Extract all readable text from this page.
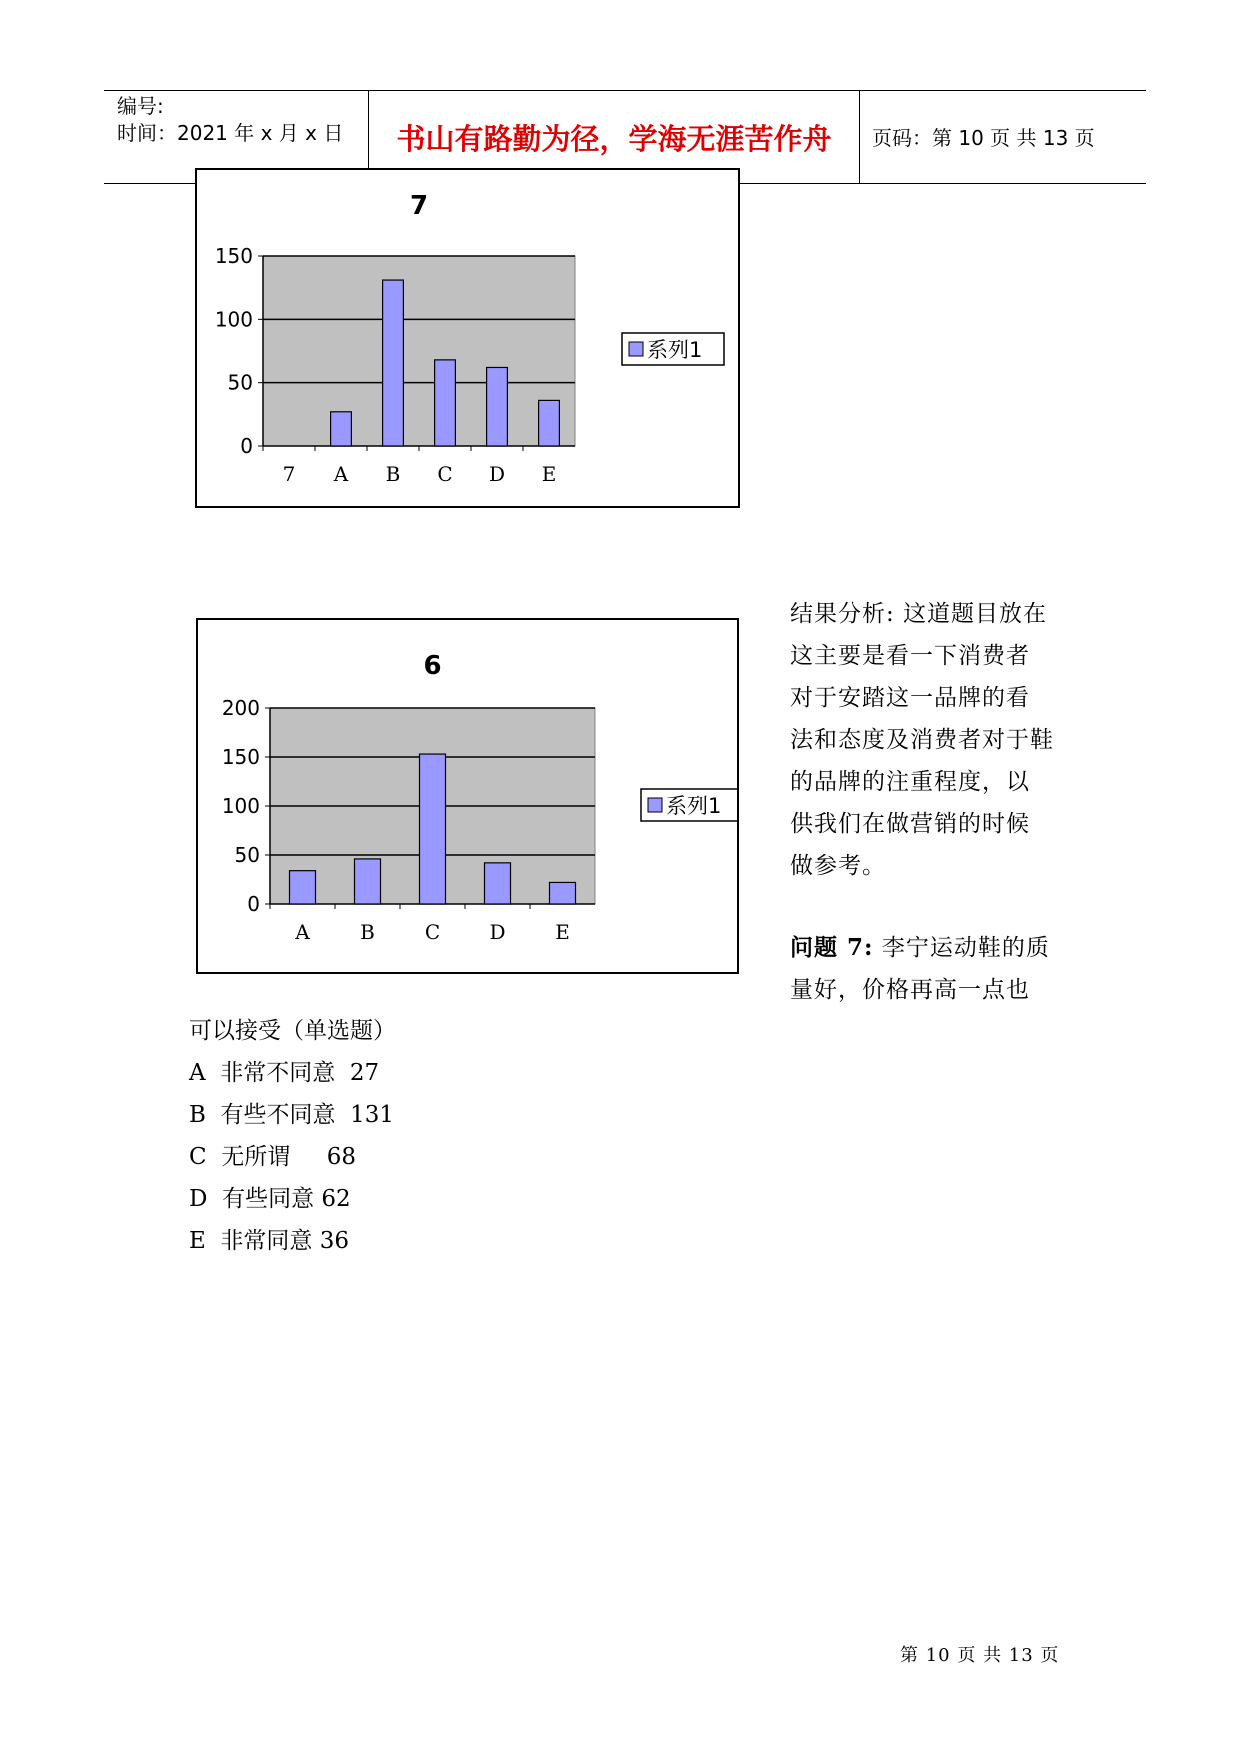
编号:
时间：2021 年 x 月 x 日	书山有路勤为径，学海无涯苦作舟	页码：第 10 页 共 13 页
7
0
50
100
150
7 A B C D E
系列1
6
0
50
100
150
200
A	B C D E
系列1
结果分析: 这道题目放在
这主要是看一下消费者
对于安踏这一品牌的看
法和态度及消费者对于鞋
的品牌的注重程度，以
供我们在做营销的时候
做参考。
问题 7: 李宁运动鞋的质
量好，价格再高一点也
可以接受（单选题）
A  非常不同意  27
B  有些不同意  131
C  无所谓     68
D  有些同意 62
E  非常同意 36
第 10 页 共 13 页
